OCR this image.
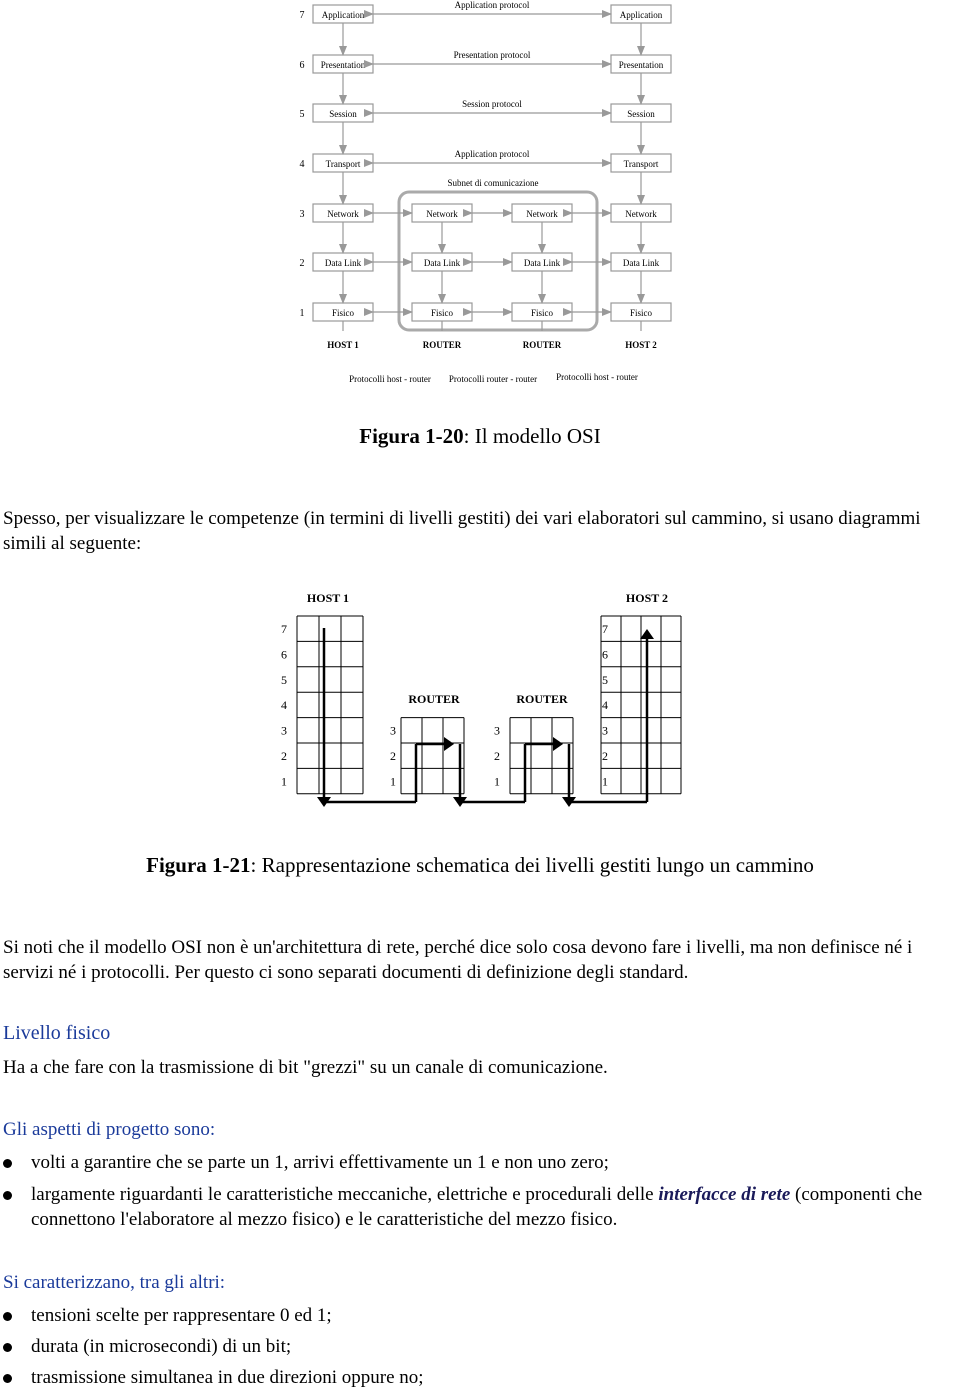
Subnet di comunicazione
7 Application	Application
Application protocol
6 Presentation	Presentation
Presentation protocol
5	Session	Session
Session protocol
4 Transport	Transport
Application protocol
3	Network	Network	Network	Network
2 Data Link	Data Link	Data Link	Data Link
1	Fisico	Fisico	Fisico	Fisico
HOST 1	ROUTER	ROUTER	HOST 2
Protocolli host - router Protocolli router - router Protocolli host - router
Figura 1-20: Il modello OSI
Spesso, per visualizzare le competenze (in termini di livelli gestiti) dei vari elaboratori sul cammino, si usano diagrammi simili al seguente:
7	7
6	6
5	5
4	4
3	3
2	2
1	1
3	3
2	2
1	1
HOST 1	HOST 2
ROUTER	ROUTER
Figura 1-21: Rappresentazione schematica dei livelli gestiti lungo un cammino
Si noti che il modello OSI non è un'architettura di rete, perché dice solo cosa devono fare i livelli, ma non definisce né i servizi né i protocolli. Per questo ci sono separati documenti di definizione degli standard.
Livello fisico
Ha a che fare con la trasmissione di bit "grezzi" su un canale di comunicazione.
Gli aspetti di progetto sono:
volti a garantire che se parte un 1, arrivi effettivamente un 1 e non uno zero;
largamente riguardanti le caratteristiche meccaniche, elettriche e procedurali delle interfacce di rete (componenti che connettono l'elaboratore al mezzo fisico) e le caratteristiche del mezzo fisico.
Si caratterizzano, tra gli altri:
tensioni scelte per rappresentare 0 ed 1;
durata (in microsecondi) di un bit;
trasmissione simultanea in due direzioni oppure no;
